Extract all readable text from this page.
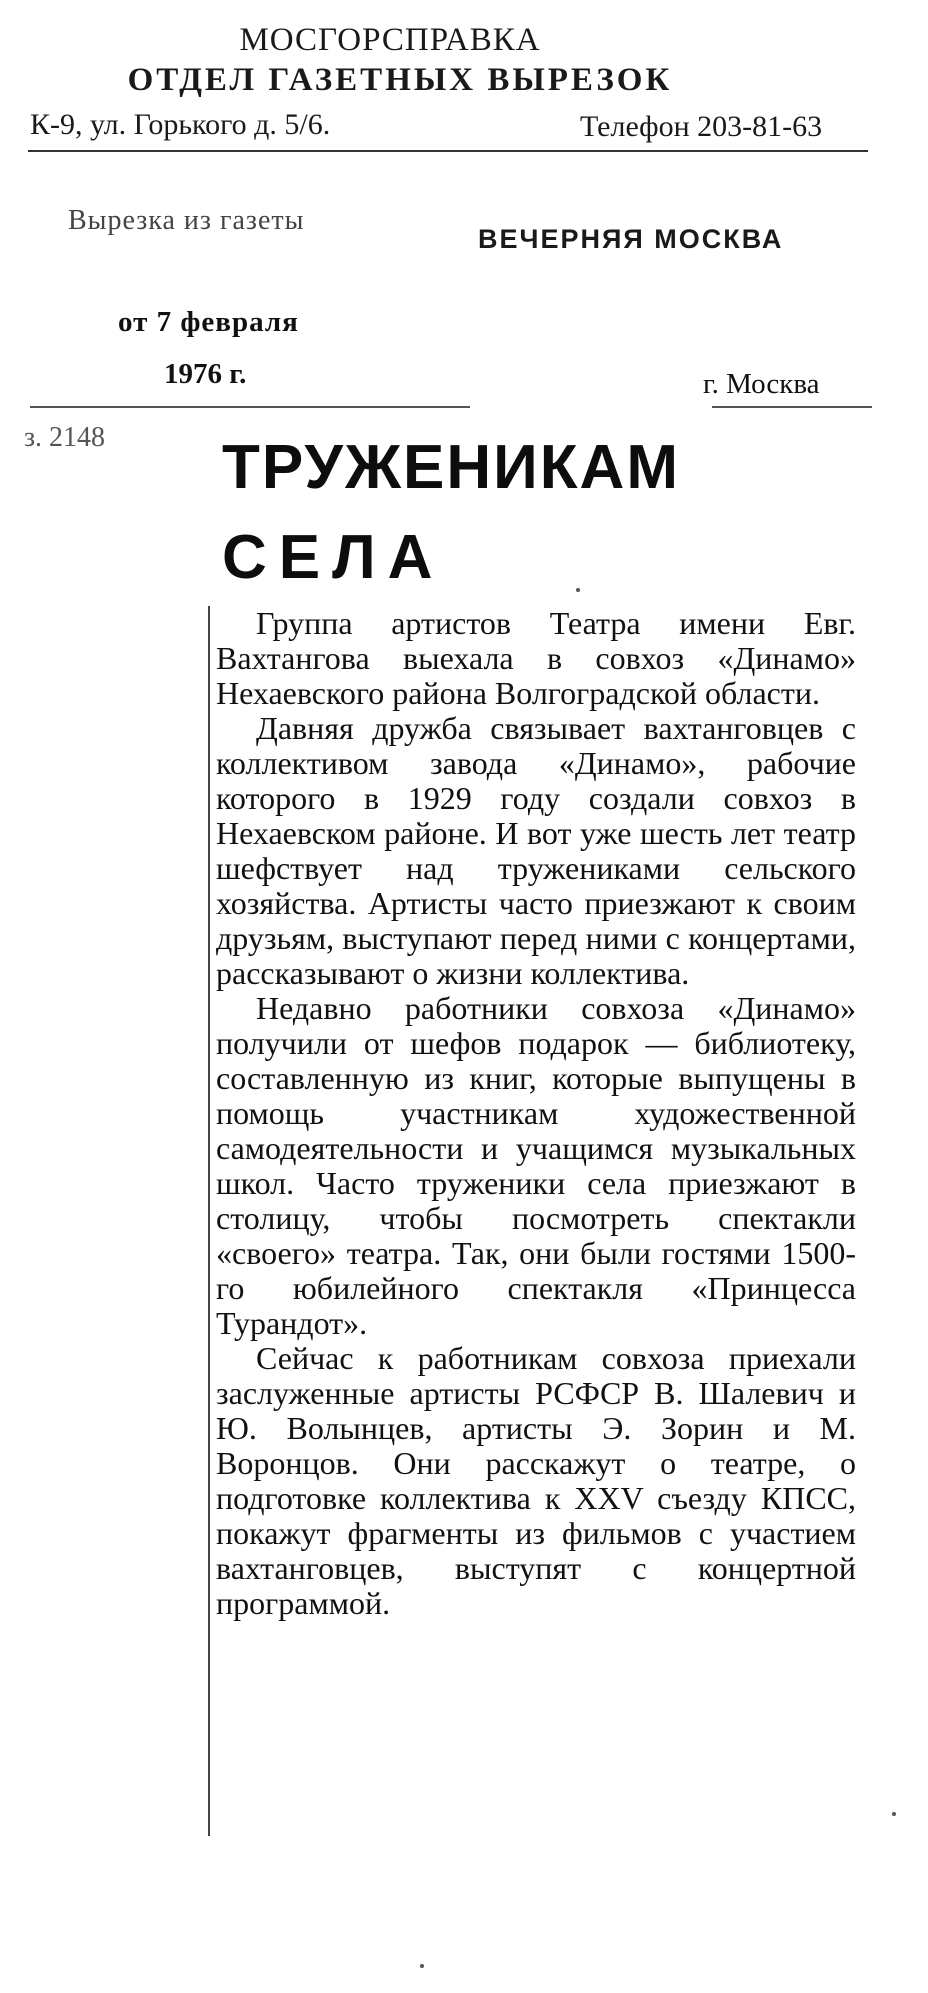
МОСГОРСПРАВКА
ОТДЕЛ ГАЗЕТНЫХ ВЫРЕЗОК
К-9, ул. Горького д. 5/6.	Телефон 203-81-63
Вырезка из газеты
ВЕЧЕРНЯЯ МОСКВА
от 7 февраля
1976 г.	г. Москва
з. 2148 ТРУЖЕНИКАМ
СЕЛА

Группа артистов Театра имени Евг. Вахтангова выехала в совхоз «Динамо» Нехаевского района Волгоградской области.

Давняя дружба связывает вахтанговцев с коллективом завода «Динамо», рабочие которого в 1929 году создали совхоз в Нехаевском районе. И вот уже шесть лет театр шефствует над тружениками сельского хозяйства. Артисты часто приезжают к своим друзьям, выступают перед ними с концертами, рассказывают о жизни коллектива.

Недавно работники совхоза «Динамо» получили от шефов подарок — библиотеку, составленную из книг, которые выпущены в помощь участникам художественной самодеятельности и учащимся музыкальных школ. Часто труженики села приезжают в столицу, чтобы посмотреть спектакли «своего» театра. Так, они были гостями 1500-го юбилейного спектакля «Принцесса Турандот».

Сейчас к работникам совхоза приехали заслуженные артисты РСФСР В. Шалевич и Ю. Волынцев, артисты Э. Зорин и М. Воронцов. Они расскажут о театре, о подготовке коллектива к XXV съезду КПСС, покажут фрагменты из фильмов с участием вахтанговцев, выступят с концертной программой.
